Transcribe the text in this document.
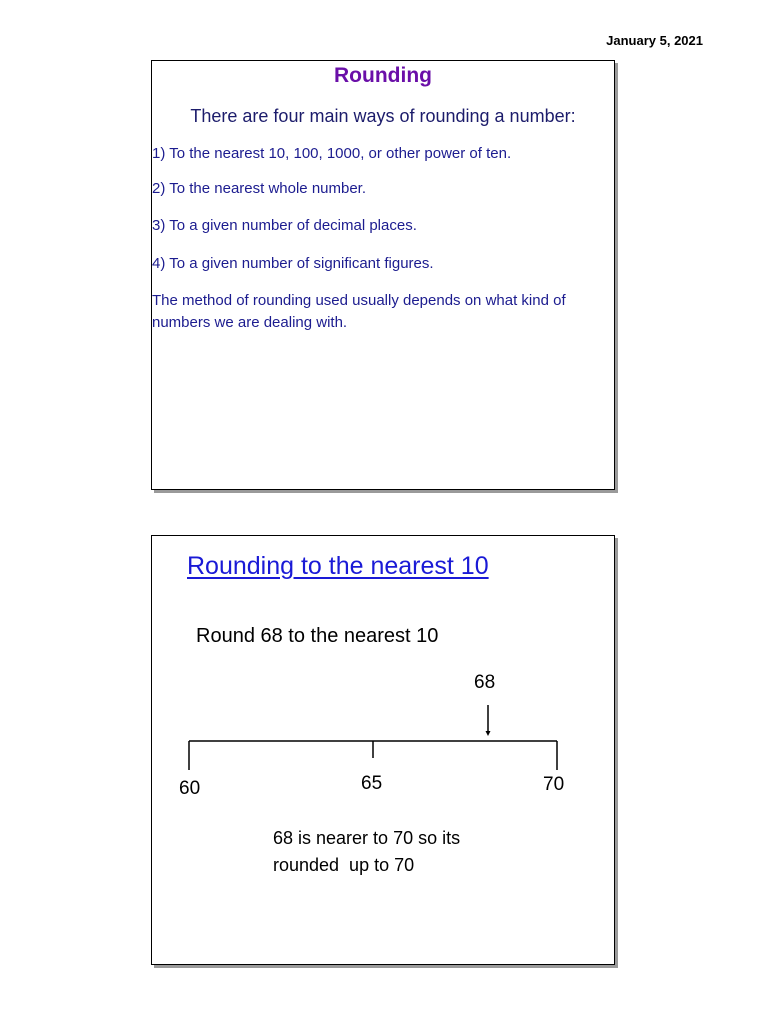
January 5, 2021
Rounding
There are four main ways of rounding a number:
1) To the nearest 10, 100, 1000, or other power of ten.
2) To the nearest whole number.
3) To a given number of decimal places.
4) To a given number of significant figures.
The method of rounding used usually depends on what kind of numbers we are dealing with.
Rounding to the nearest 10
Round 68 to the nearest 10
68
60	65	70
68 is nearer to 70 so its
rounded  up to 70
